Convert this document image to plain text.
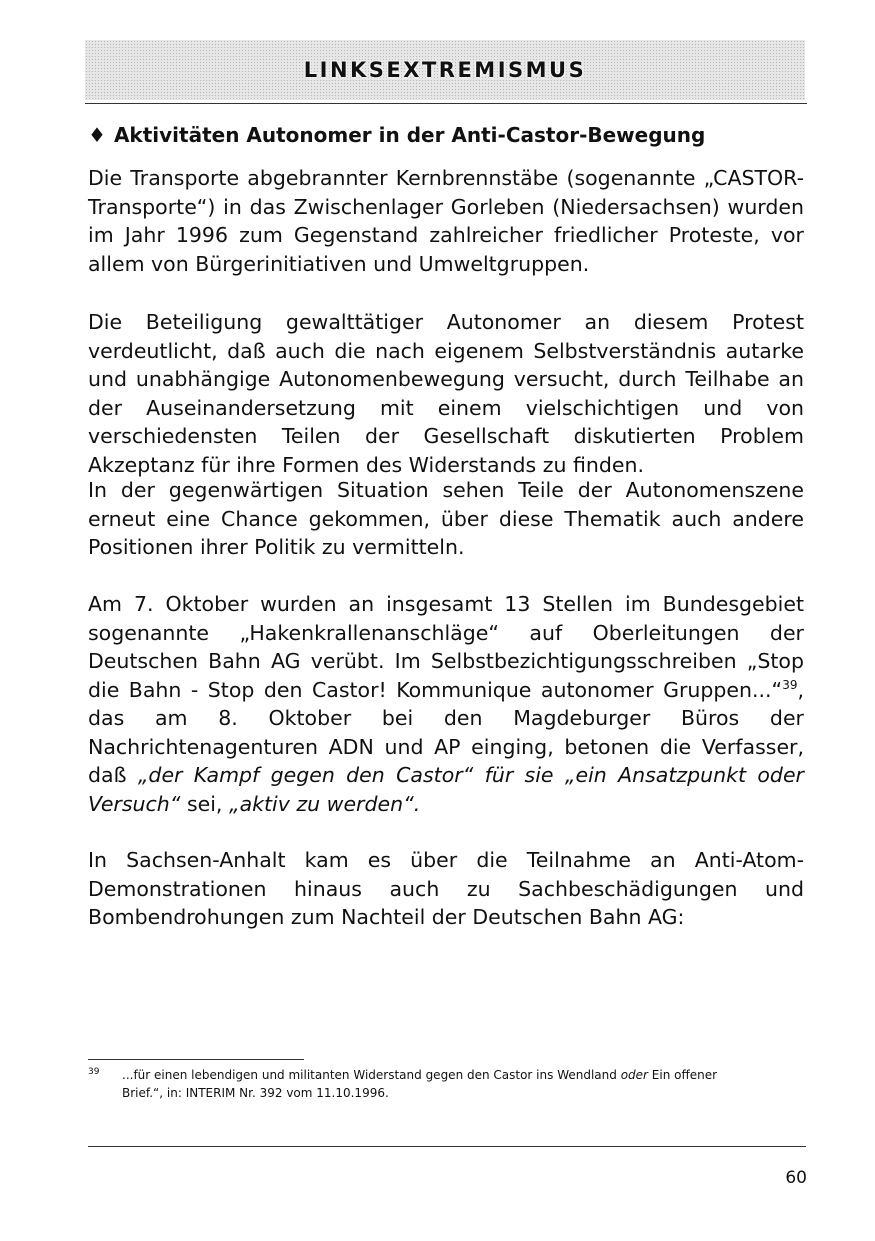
LINKSEXTREMISMUS
♦ Aktivitäten Autonomer in der Anti-Castor-Bewegung

Die Transporte abgebrannter Kernbrennstäbe (sogenannte „CASTOR-Transporte“) in das Zwischenlager Gorleben (Niedersachsen) wurden im Jahr 1996 zum Gegenstand zahlreicher friedlicher Proteste, vor allem von Bürgerinitiativen und Umweltgruppen.

Die Beteiligung gewalttätiger Autonomer an diesem Protest verdeutlicht, daß auch die nach eigenem Selbstverständnis autarke und unabhängige Autonomenbewegung versucht, durch Teilhabe an der Auseinandersetzung mit einem vielschichtigen und von verschiedensten Teilen der Gesellschaft diskutierten Problem Akzeptanz für ihre Formen des Widerstands zu finden.

In der gegenwärtigen Situation sehen Teile der Autonomenszene erneut eine Chance gekommen, über diese Thematik auch andere Positionen ihrer Politik zu vermitteln.

Am 7. Oktober wurden an insgesamt 13 Stellen im Bundesgebiet sogenannte „Hakenkrallenanschläge“ auf Oberleitungen der Deutschen Bahn AG verübt. Im Selbstbezichtigungsschreiben „Stop die Bahn - Stop den Castor! Kommunique autonomer Gruppen...“$^{39}$, das am 8. Oktober bei den Magdeburger Büros der Nachrichtenagenturen ADN und AP einging, betonen die Verfasser, daß „der Kampf gegen den Castor“ für sie „ein Ansatzpunkt oder Versuch“ sei, „aktiv zu werden“.

In Sachsen-Anhalt kam es über die Teilnahme an Anti-Atom-Demonstrationen hinaus auch zu Sachbeschädigungen und Bombendrohungen zum Nachteil der Deutschen Bahn AG:

39	...für einen lebendigen und militanten Widerstand gegen den Castor ins Wendland oder Ein offener
Brief.“, in: INTERIM Nr. 392 vom 11.10.1996.
60
